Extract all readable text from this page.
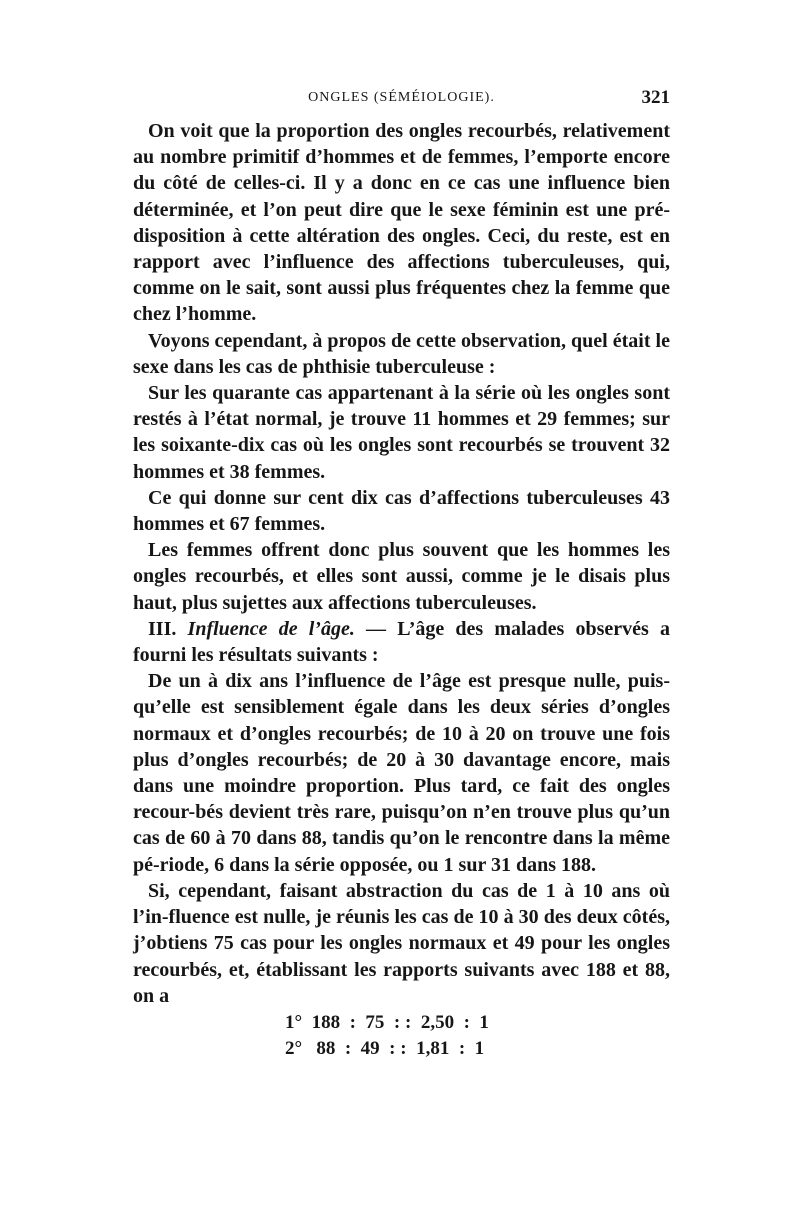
ONGLES (SÉMÉIOLOGIE).	321

On voit que la proportion des ongles recourbés, relativement au nombre primitif d’hommes et de femmes, l’emporte encore du côté de celles-ci. Il y a donc en ce cas une influence bien déterminée, et l’on peut dire que le sexe féminin est une pré-disposition à cette altération des ongles. Ceci, du reste, est en rapport avec l’influence des affections tuberculeuses, qui, comme on le sait, sont aussi plus fréquentes chez la femme que chez l’homme.

Voyons cependant, à propos de cette observation, quel était le sexe dans les cas de phthisie tuberculeuse :

Sur les quarante cas appartenant à la série où les ongles sont restés à l’état normal, je trouve 11 hommes et 29 femmes; sur les soixante-dix cas où les ongles sont recourbés se trouvent 32 hommes et 38 femmes.

Ce qui donne sur cent dix cas d’affections tuberculeuses 43 hommes et 67 femmes.

Les femmes offrent donc plus souvent que les hommes les ongles recourbés, et elles sont aussi, comme je le disais plus haut, plus sujettes aux affections tuberculeuses.

III. Influence de l’âge. — L’âge des malades observés a fourni les résultats suivants :

De un à dix ans l’influence de l’âge est presque nulle, puis-qu’elle est sensiblement égale dans les deux séries d’ongles normaux et d’ongles recourbés; de 10 à 20 on trouve une fois plus d’ongles recourbés; de 20 à 30 davantage encore, mais dans une moindre proportion. Plus tard, ce fait des ongles recour-bés devient très rare, puisqu’on n’en trouve plus qu’un cas de 60 à 70 dans 88, tandis qu’on le rencontre dans la même pé-riode, 6 dans la série opposée, ou 1 sur 31 dans 188.

Si, cependant, faisant abstraction du cas de 1 à 10 ans où l’in-fluence est nulle, je réunis les cas de 10 à 30 des deux côtés, j’obtiens 75 cas pour les ongles normaux et 49 pour les ongles recourbés, et, établissant les rapports suivants avec 188 et 88, on a

1°  188  :  75  : :  2,50  :  1
2°   88  :  49  : :  1,81  :  1
